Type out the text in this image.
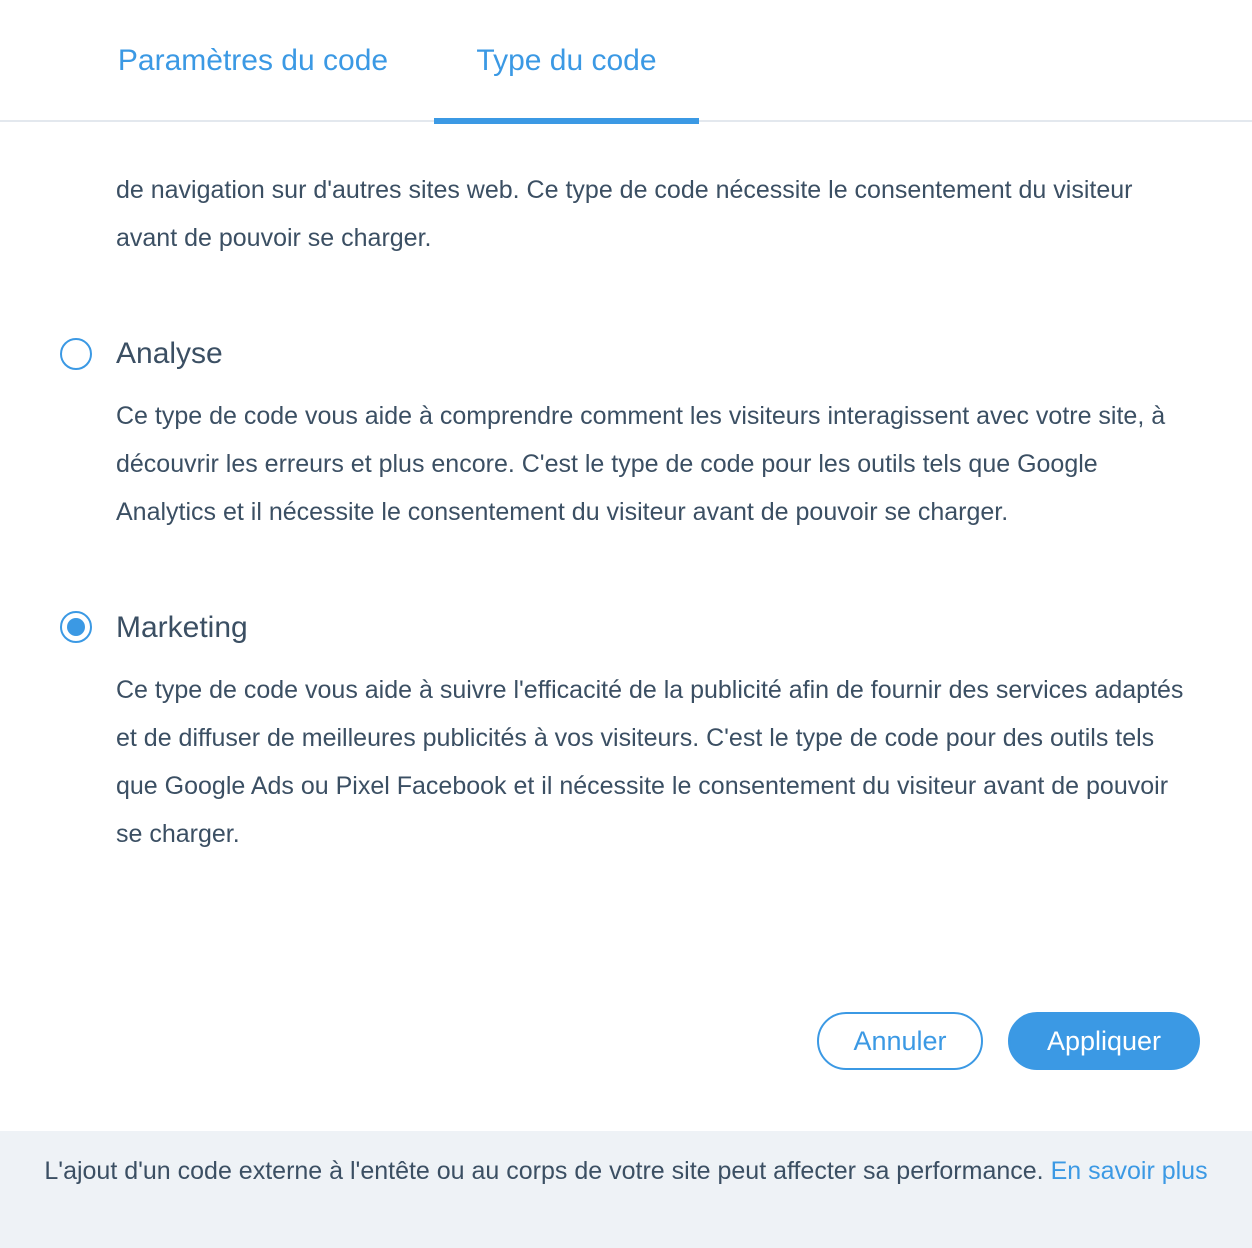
Paramètres du code	Type du code

de navigation sur d'autres sites web. Ce type de code nécessite le consentement du visiteur avant de pouvoir se charger.

Analyse

Ce type de code vous aide à comprendre comment les visiteurs interagissent avec votre site, à découvrir les erreurs et plus encore. C'est le type de code pour les outils tels que Google Analytics et il nécessite le consentement du visiteur avant de pouvoir se charger.

Marketing

Ce type de code vous aide à suivre l'efficacité de la publicité afin de fournir des services adaptés et de diffuser de meilleures publicités à vos visiteurs. C'est le type de code pour des outils tels que Google Ads ou Pixel Facebook et il nécessite le consentement du visiteur avant de pouvoir se charger.

Annuler	Appliquer
L'ajout d'un code externe à l'entête ou au corps de votre site peut affecter sa performance. En savoir plus
